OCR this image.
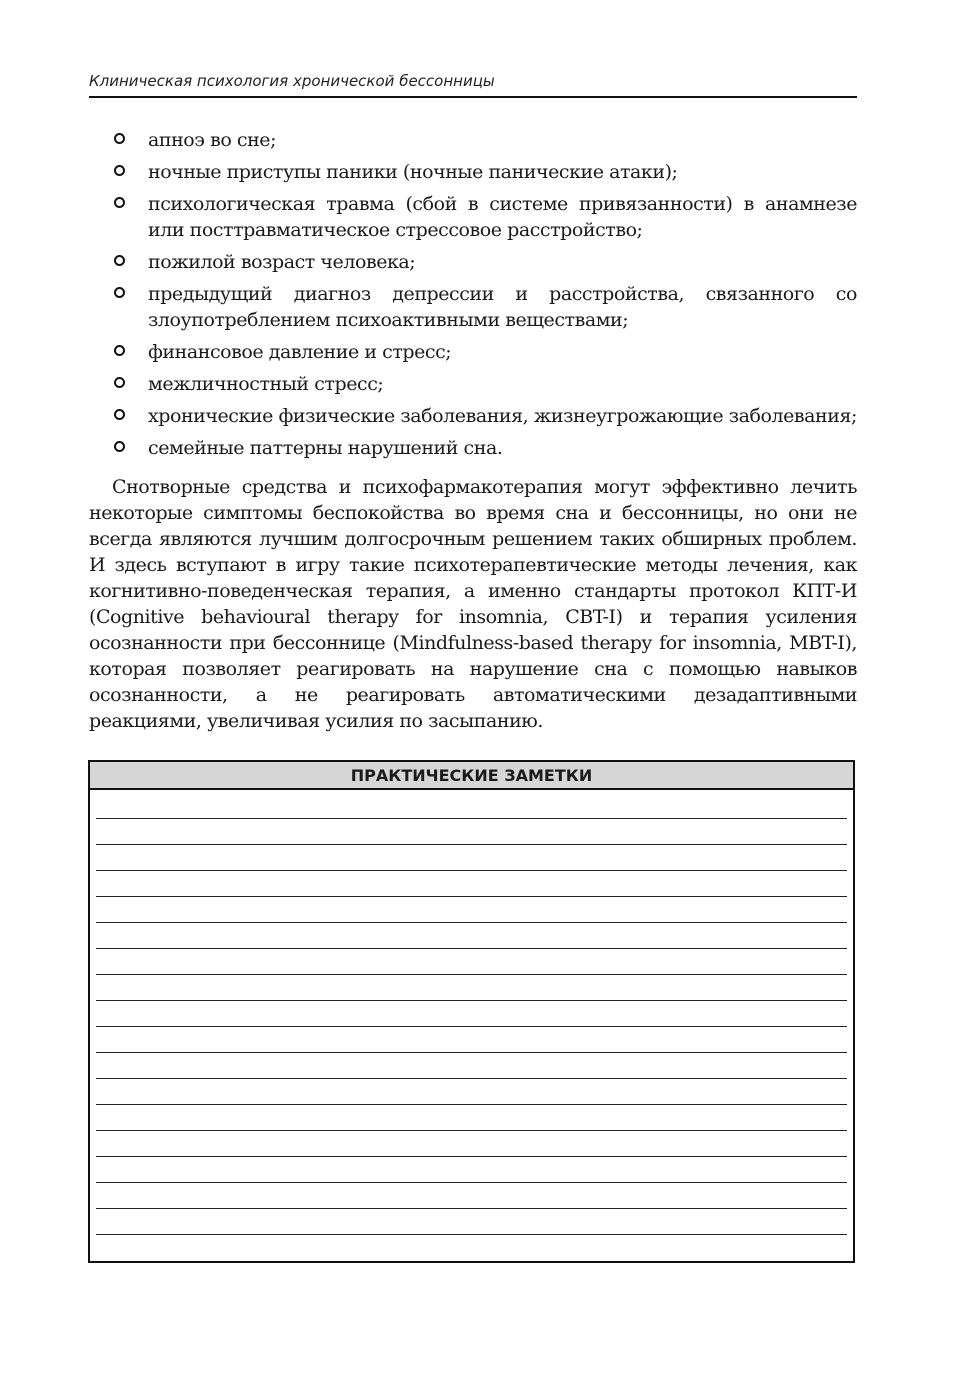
Клиническая психология хронической бессонницы
апноэ во сне;
ночные приступы паники (ночные панические атаки);
психологическая травма (сбой в системе привязанности) в анамнезе или посттравматическое стрессовое расстройство;
пожилой возраст человека;
предыдущий диагноз депрессии и расстройства, связанного со злоупотреблением психоактивными веществами;
финансовое давление и стресс;
межличностный стресс;
хронические физические заболевания, жизнеугрожающие заболевания;
семейные паттерны нарушений сна.

Снотворные средства и психофармакотерапия могут эффективно лечить некоторые симптомы беспокойства во время сна и бессонницы, но они не всегда являются лучшим долгосрочным решением таких обширных проблем. И здесь вступают в игру такие психотерапевтические методы лечения, как когнитивно-поведенческая терапия, а именно стандарты протокол КПТ-И (Cognitive behavioural therapy for insomnia, CBT-I) и терапия усиления осознанности при бессоннице (Mindfulness-based therapy for insomnia, MBT-I), которая позволяет реагировать на нарушение сна с помощью навыков осознанности, а не реагировать автоматическими дезадаптивными реакциями, увеличивая усилия по засыпанию.

ПРАКТИЧЕСКИЕ ЗАМЕТКИ
